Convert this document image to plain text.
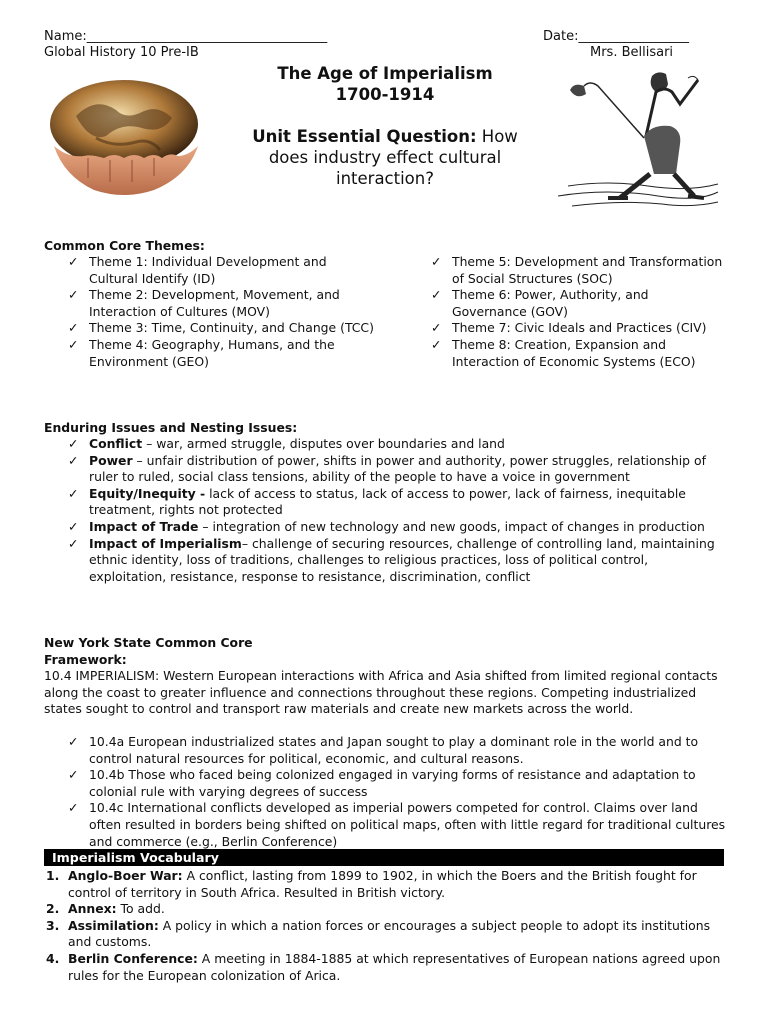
Name:_____________________________________	Date:_________________
Global History 10 Pre-IB	Mrs. Bellisari
The Age of Imperialism
1700-1914
Unit Essential Question: How does industry effect cultural interaction?
Common Core Themes:
✓ Theme 1: Individual Development and Cultural Identify (ID)
✓ Theme 2: Development, Movement, and Interaction of Cultures (MOV)
✓ Theme 3: Time, Continuity, and Change (TCC)
✓ Theme 4: Geography, Humans, and the Environment (GEO)
✓ Theme 5: Development and Transformation of Social Structures (SOC)
✓ Theme 6: Power, Authority, and Governance (GOV)
✓ Theme 7: Civic Ideals and Practices (CIV)
✓ Theme 8: Creation, Expansion and Interaction of Economic Systems (ECO)
Enduring Issues and Nesting Issues:
✓ Conflict – war, armed struggle, disputes over boundaries and land
✓ Power – unfair distribution of power, shifts in power and authority, power struggles, relationship of ruler to ruled, social class tensions, ability of the people to have a voice in government
✓ Equity/Inequity - lack of access to status, lack of access to power, lack of fairness, inequitable treatment, rights not protected
✓ Impact of Trade – integration of new technology and new goods, impact of changes in production
✓ Impact of Imperialism– challenge of securing resources, challenge of controlling land, maintaining ethnic identity, loss of traditions, challenges to religious practices, loss of political control, exploitation, resistance, response to resistance, discrimination, conflict
New York State Common Core Framework:
10.4 IMPERIALISM: Western European interactions with Africa and Asia shifted from limited regional contacts along the coast to greater influence and connections throughout these regions. Competing industrialized states sought to control and transport raw materials and create new markets across the world.
✓ 10.4a European industrialized states and Japan sought to play a dominant role in the world and to control natural resources for political, economic, and cultural reasons.
✓ 10.4b Those who faced being colonized engaged in varying forms of resistance and adaptation to colonial rule with varying degrees of success
✓ 10.4c International conflicts developed as imperial powers competed for control. Claims over land often resulted in borders being shifted on political maps, often with little regard for traditional cultures and commerce (e.g., Berlin Conference)
Imperialism Vocabulary
1. Anglo-Boer War: A conflict, lasting from 1899 to 1902, in which the Boers and the British fought for control of territory in South Africa. Resulted in British victory.
2. Annex: To add.
3. Assimilation: A policy in which a nation forces or encourages a subject people to adopt its institutions and customs.
4. Berlin Conference: A meeting in 1884-1885 at which representatives of European nations agreed upon rules for the European colonization of Arica.
